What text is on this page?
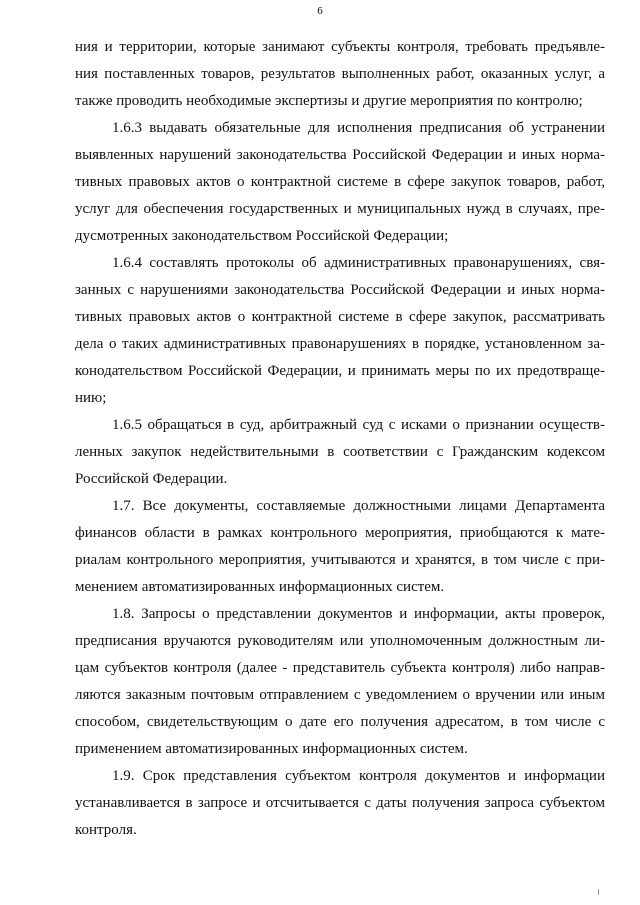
6
ния и территории, которые занимают субъекты контроля, требовать предъявле-
ния поставленных товаров, результатов выполненных работ, оказанных услуг, а
также проводить необходимые экспертизы и другие мероприятия по контролю;
1.6.3 выдавать обязательные для исполнения предписания об устранении
выявленных нарушений законодательства Российской Федерации и иных норма-
тивных правовых актов о контрактной системе в сфере закупок товаров, работ,
услуг для обеспечения государственных и муниципальных нужд в случаях, пре-
дусмотренных законодательством Российской Федерации;
1.6.4 составлять протоколы об административных правонарушениях, свя-
занных с нарушениями законодательства Российской Федерации и иных норма-
тивных правовых актов о контрактной системе в сфере закупок, рассматривать
дела о таких административных правонарушениях в порядке, установленном за-
конодательством Российской Федерации, и принимать меры по их предотвраще-
нию;
1.6.5 обращаться в суд, арбитражный суд с исками о признании осуществ-
ленных закупок недействительными в соответствии с Гражданским кодексом
Российской Федерации.
1.7. Все документы, составляемые должностными лицами Департамента
финансов области в рамках контрольного мероприятия, приобщаются к мате-
риалам контрольного мероприятия, учитываются и хранятся, в том числе с при-
менением автоматизированных информационных систем.
1.8. Запросы о представлении документов и информации, акты проверок,
предписания вручаются руководителям или уполномоченным должностным ли-
цам субъектов контроля (далее - представитель субъекта контроля) либо направ-
ляются заказным почтовым отправлением с уведомлением о вручении или иным
способом, свидетельствующим о дате его получения адресатом, в том числе с
применением автоматизированных информационных систем.
1.9. Срок представления субъектом контроля документов и информации
устанавливается в запросе и отсчитывается с даты получения запроса субъектом
контроля.
